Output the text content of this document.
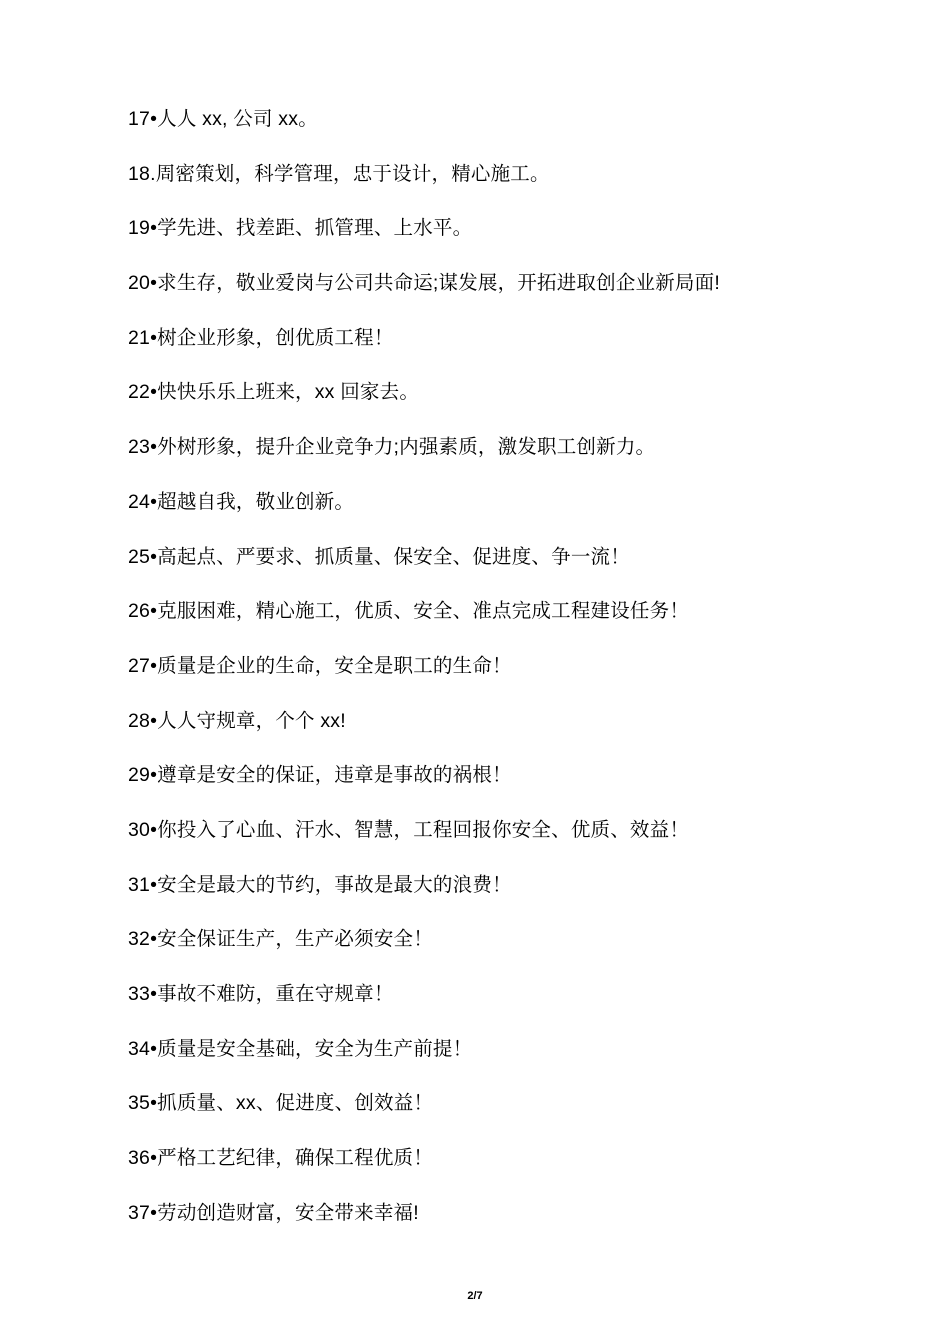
17•人人 xx, 公司 xx。
18.周密策划，科学管理，忠于设计，精心施工。
19•学先进、找差距、抓管理、上水平。
20•求生存，敬业爱岗与公司共命运;谋发展，开拓进取创企业新局面!
21•树企业形象，创优质工程！
22•快快乐乐上班来，xx 回家去。
23•外树形象，提升企业竞争力;内强素质，激发职工创新力。
24•超越自我，敬业创新。
25•高起点、严要求、抓质量、保安全、促进度、争一流！
26•克服困难，精心施工，优质、安全、准点完成工程建设任务！
27•质量是企业的生命，安全是职工的生命！
28•人人守规章，个个 xx!
29•遵章是安全的保证，违章是事故的祸根！
30•你投入了心血、汗水、智慧，工程回报你安全、优质、效益！
31•安全是最大的节约，事故是最大的浪费！
32•安全保证生产，生产必须安全！
33•事故不难防，重在守规章！
34•质量是安全基础，安全为生产前提！
35•抓质量、xx、促进度、创效益！
36•严格工艺纪律，确保工程优质！
37•劳动创造财富，安全带来幸福!
2/7
